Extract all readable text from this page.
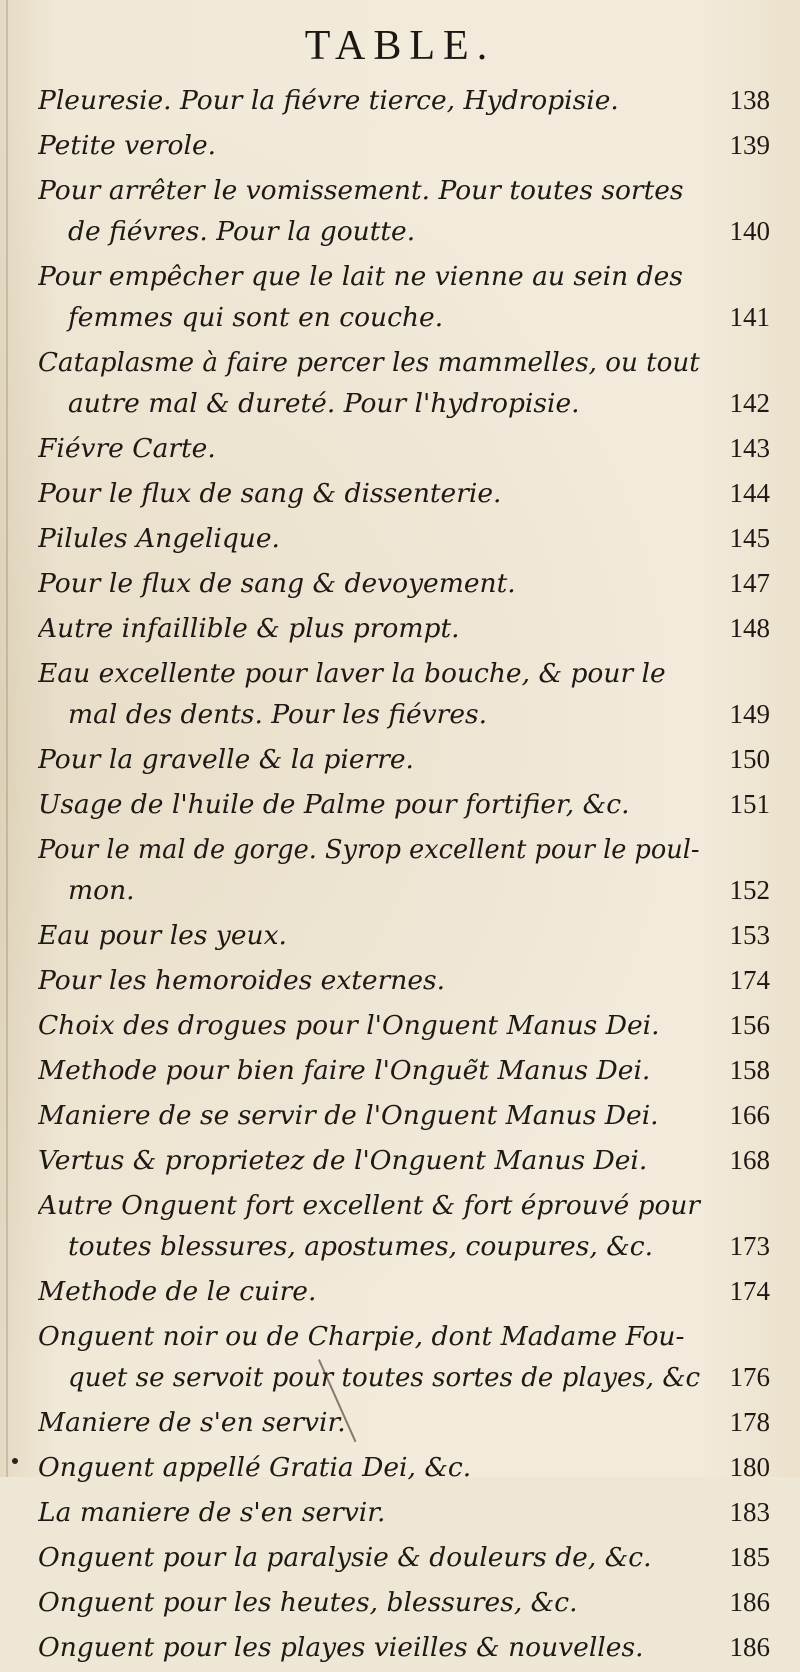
TABLE.
Pleuresie. Pour la fiévre tierce, Hydropisie.	138
Petite verole.	139
Pour arrêter le vomissement. Pour toutes sortes
de fiévres. Pour la goutte.	140
Pour empêcher que le lait ne vienne au sein des
femmes qui sont en couche.	141
Cataplasme à faire percer les mammelles, ou tout
autre mal & dureté. Pour l'hydropisie.	142
Fiévre Carte.	143
Pour le flux de sang & dissenterie.	144
Pilules Angelique.	145
Pour le flux de sang & devoyement.	147
Autre infaillible & plus prompt.	148
Eau excellente pour laver la bouche, & pour le
mal des dents. Pour les fiévres.	149
Pour la gravelle & la pierre.	150
Usage de l'huile de Palme pour fortifier, &c.	151
Pour le mal de gorge. Syrop excellent pour le poul-
mon.	152
Eau pour les yeux.	153
Pour les hemoroides externes.	174
Choix des drogues pour l'Onguent Manus Dei.	156
Methode pour bien faire l'Onguẽt Manus Dei.	158
Maniere de se servir de l'Onguent Manus Dei.	166
Vertus & proprietez de l'Onguent Manus Dei.	168
Autre Onguent fort excellent & fort éprouvé pour
toutes blessures, apostumes, coupures, &c.	173
Methode de le cuire.	174
Onguent noir ou de Charpie, dont Madame Fou-
quet se servoit pour toutes sortes de playes, &c	176
Maniere de s'en servir.	178
Onguent appellé Gratia Dei, &c.	180
La maniere de s'en servir.	183
Onguent pour la paralysie & douleurs de, &c.	185
Onguent pour les heutes, blessures, &c.	186
Onguent pour les playes vieilles & nouvelles.	186
